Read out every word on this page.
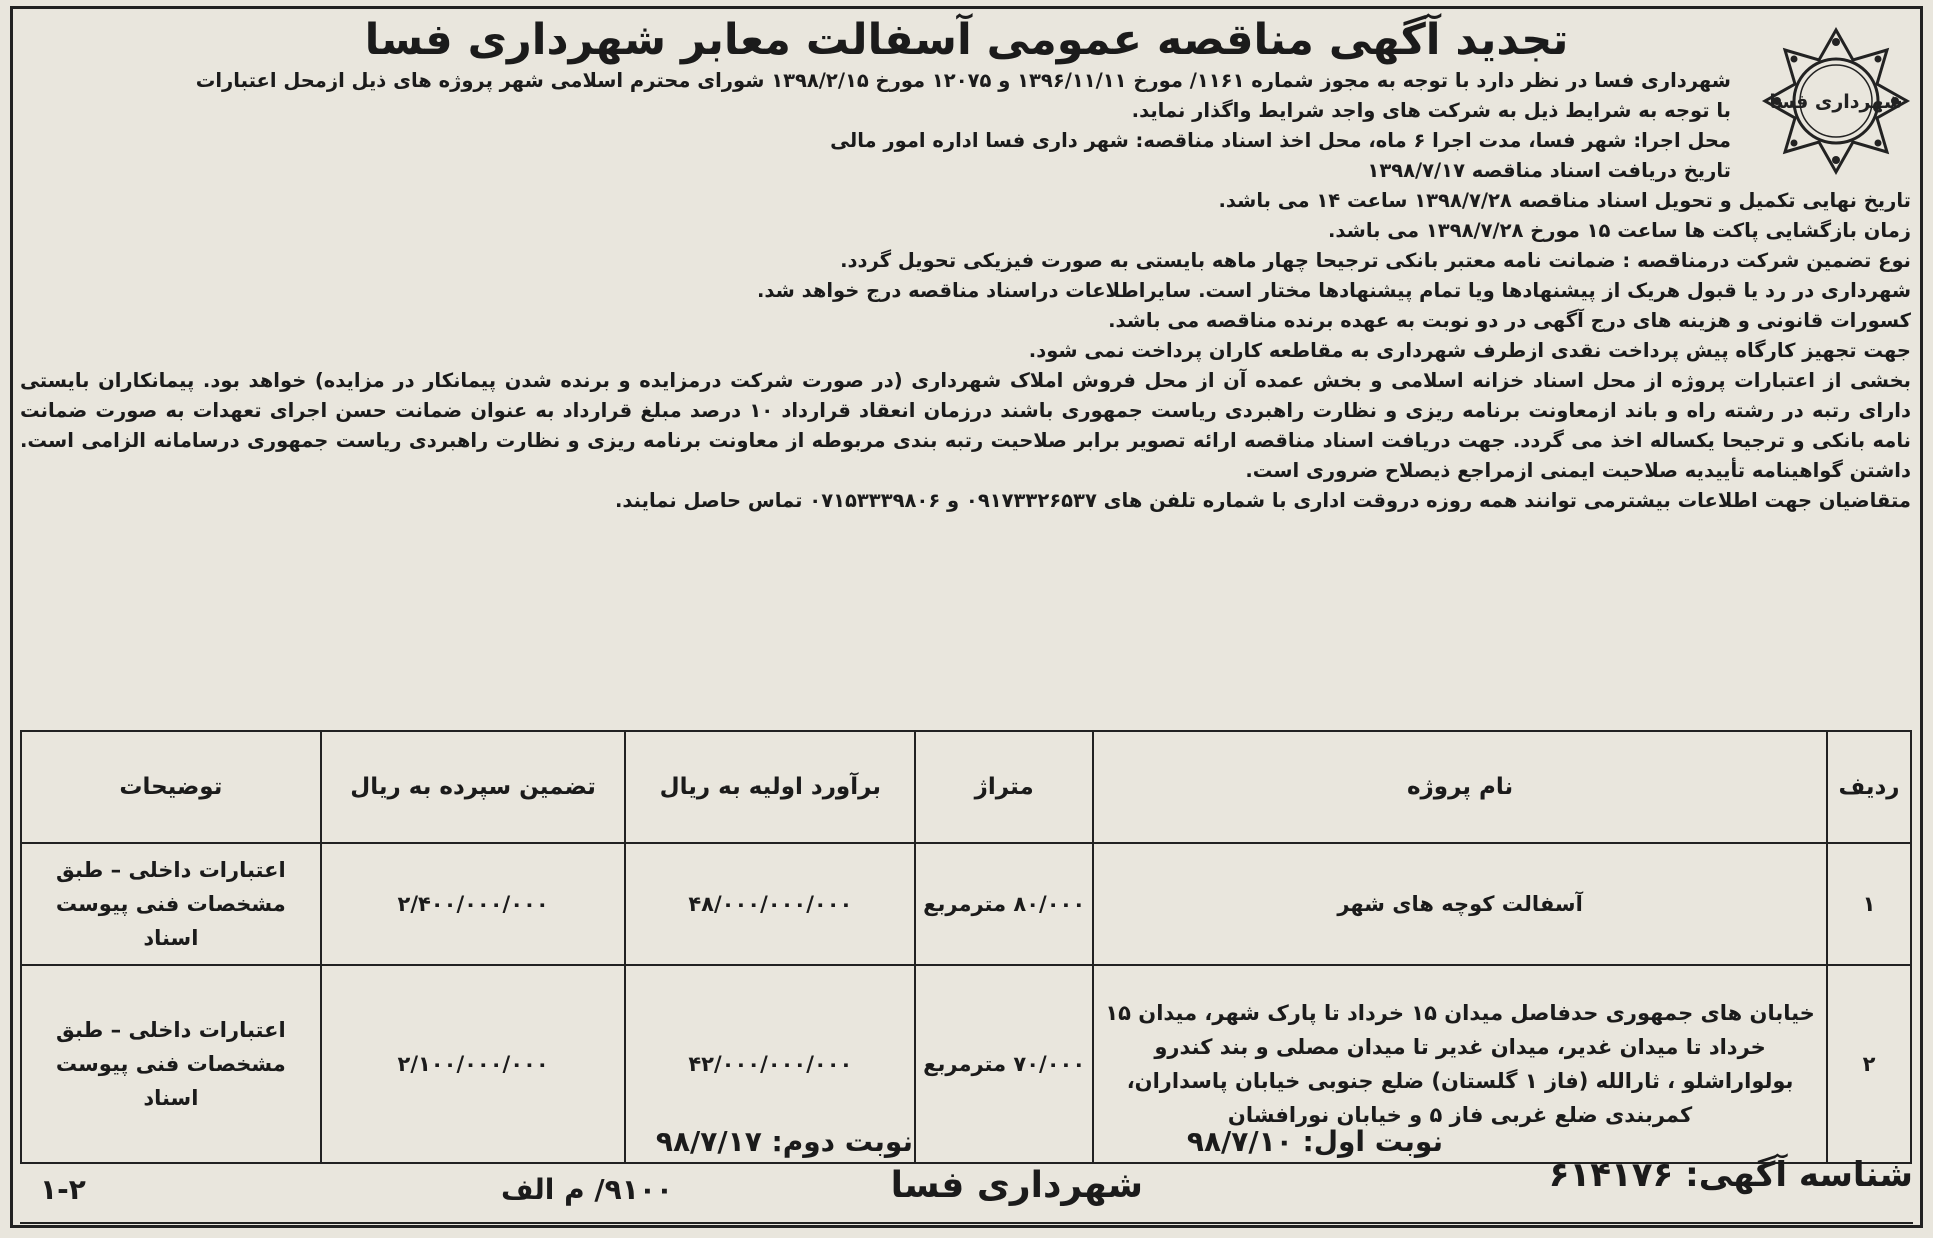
شهرداری فسا
تجدید آگهی مناقصه عمومی آسفالت معابر شهرداری فسا

شهرداری فسا در نظر دارد با توجه به مجوز شماره ۱۱۶۱/ مورخ ۱۳۹۶/۱۱/۱۱ و ۱۲۰۷۵ مورخ ۱۳۹۸/۲/۱۵ شورای محترم اسلامی شهر پروژه های ذیل ازمحل اعتبارات

با توجه به شرایط ذیل به شرکت های واجد شرایط واگذار نماید.

محل اجرا: شهر فسا، مدت اجرا ۶ ماه، محل اخذ اسناد مناقصه: شهر داری فسا اداره امور مالی

تاریخ دریافت اسناد مناقصه ۱۳۹۸/۷/۱۷

تاریخ نهایی تکمیل و تحویل اسناد مناقصه ۱۳۹۸/۷/۲۸ ساعت ۱۴ می باشد.

زمان بازگشایی پاکت ها ساعت ۱۵ مورخ ۱۳۹۸/۷/۲۸ می باشد.

نوع تضمین شرکت درمناقصه : ضمانت نامه معتبر بانکی ترجیحا چهار ماهه بایستی به صورت فیزیکی تحویل گردد.

شهرداری در رد یا قبول هریک از پیشنهادها ویا تمام پیشنهادها مختار است. سایراطلاعات دراسناد مناقصه درج خواهد شد.

کسورات قانونی و هزینه های درج آگهی در دو نوبت به عهده برنده مناقصه می باشد.

جهت تجهیز کارگاه پیش پرداخت نقدی ازطرف شهرداری به مقاطعه کاران پرداخت نمی شود.

بخشی از اعتبارات پروژه از محل اسناد خزانه اسلامی و بخش عمده آن از محل فروش املاک شهرداری (در صورت شرکت درمزایده و برنده شدن پیمانکار در مزایده) خواهد بود. پیمانکاران بایستی دارای رتبه در رشته راه و باند ازمعاونت برنامه ریزی و نظارت راهبردی ریاست جمهوری باشند درزمان انعقاد قرارداد ۱۰ درصد مبلغ قرارداد به عنوان ضمانت حسن اجرای تعهدات به صورت ضمانت نامه بانکی و ترجیحا یکساله اخذ می گردد. جهت دریافت اسناد مناقصه ارائه تصویر برابر صلاحیت رتبه بندی مربوطه از معاونت برنامه ریزی و نظارت راهبردی ریاست جمهوری درسامانه الزامی است. داشتن گواهینامه تأییدیه صلاحیت ایمنی ازمراجع ذیصلاح ضروری است.

متقاضیان جهت اطلاعات بیشترمی توانند همه روزه دروقت اداری با شماره تلفن های ۰۹۱۷۳۳۲۶۵۳۷ و ۰۷۱۵۳۳۳۹۸۰۶ تماس حاصل نمایند.

ردیف	نام پروژه	متراژ	برآورد اولیه به ریال	تضمین سپرده به ریال	توضیحات
۱	آسفالت کوچه های شهر	۸۰/۰۰۰ مترمربع	۴۸/۰۰۰/۰۰۰/۰۰۰	۲/۴۰۰/۰۰۰/۰۰۰	اعتبارات داخلی – طبق مشخصات فنی پیوست اسناد
۲	خیابان های جمهوری حدفاصل میدان ۱۵ خرداد تا پارک شهر، میدان ۱۵ خرداد تا میدان غدیر، میدان غدیر تا میدان مصلی و بند کندرو بولواراشلو ، ثارالله (فاز ۱ گلستان) ضلع جنوبی خیابان پاسداران، کمربندی ضلع غربی فاز ۵ و خیابان نورافشان	۷۰/۰۰۰ مترمربع	۴۲/۰۰۰/۰۰۰/۰۰۰	۲/۱۰۰/۰۰۰/۰۰۰	اعتبارات داخلی – طبق مشخصات فنی پیوست اسناد
شناسه آگهی: ۶۱۴۱۷۶
نوبت اول: ۹۸/۷/۱۰
نوبت دوم: ۹۸/۷/۱۷
شهرداری فسا
۹۱۰۰/ م الف
۱-۲
